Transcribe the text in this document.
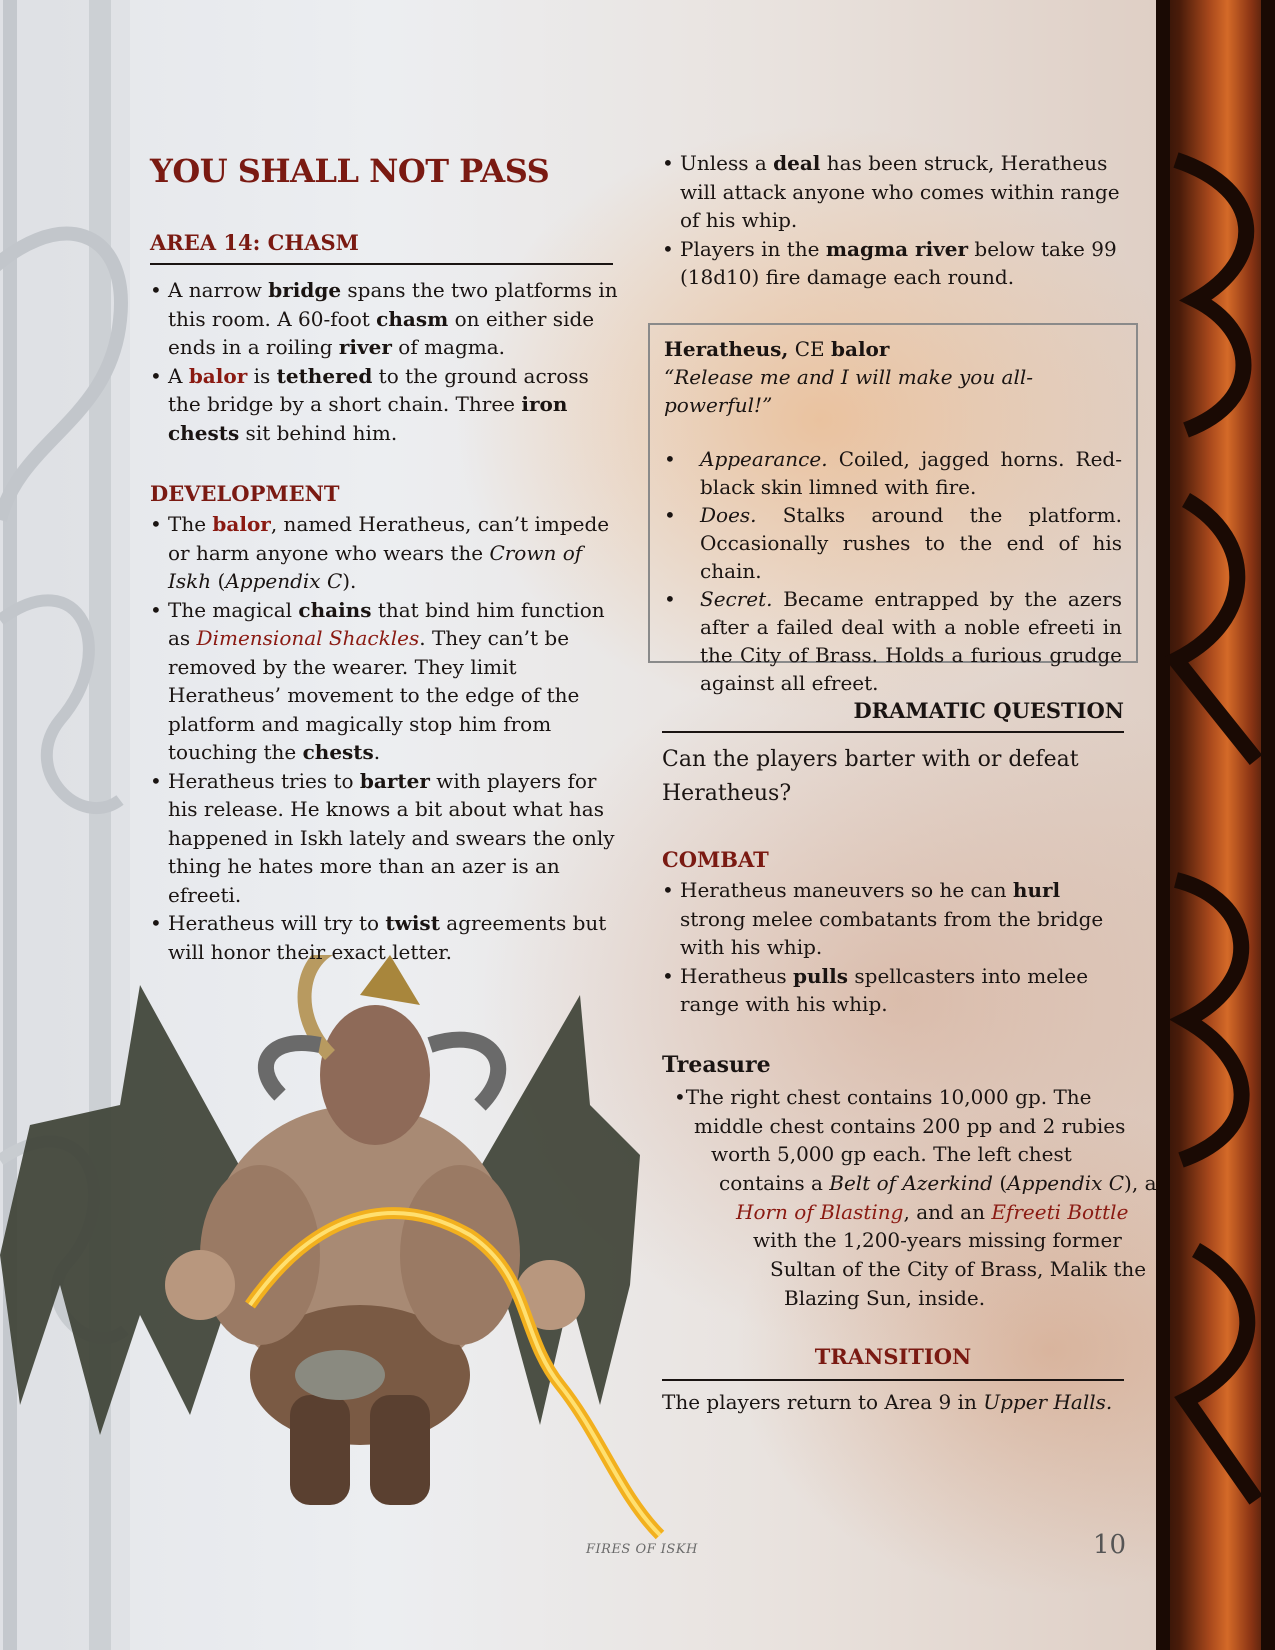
YOU SHALL NOT PASS
AREA 14: CHASM
• A narrow bridge spans the two platforms in this room. A 60-foot chasm on either side ends in a roiling river of magma.
• A balor is tethered to the ground across the bridge by a short chain. Three iron chests sit behind him.
DEVELOPMENT
• The balor, named Heratheus, can’t impede or harm anyone who wears the Crown of Iskh (Appendix C).
• The magical chains that bind him function as Dimensional Shackles. They can’t be removed by the wearer. They limit Heratheus’ movement to the edge of the platform and magically stop him from touching the chests.
• Heratheus tries to barter with players for his release. He knows a bit about what has happened in Iskh lately and swears the only thing he hates more than an azer is an efreeti.
• Heratheus will try to twist agreements but will honor their exact letter.
• Unless a deal has been struck, Heratheus will attack anyone who comes within range of his whip.
• Players in the magma river below take 99 (18d10) fire damage each round.
Heratheus, CE balor
“Release me and I will make you all-powerful!”
• Appearance. Coiled, jagged horns. Red-black skin limned with fire.
• Does. Stalks around the platform. Occasionally rushes to the end of his chain.
• Secret. Became entrapped by the azers after a failed deal with a noble efreeti in the City of Brass. Holds a furious grudge against all efreet.
DRAMATIC QUESTION

Can the players barter with or defeat Heratheus?

COMBAT
• Heratheus maneuvers so he can hurl strong melee combatants from the bridge with his whip.
• Heratheus pulls spellcasters into melee range with his whip.
Treasure

•The right chest contains 10,000 gp. The

middle chest contains 200 pp and 2 rubies

worth 5,000 gp each. The left chest

contains a Belt of Azerkind (Appendix C), a

Horn of Blasting, and an Efreeti Bottle

with the 1,200-years missing former

Sultan of the City of Brass, Malik the

Blazing Sun, inside.

TRANSITION

The players return to Area 9 in Upper Halls.

FIRES OF ISKH	10
